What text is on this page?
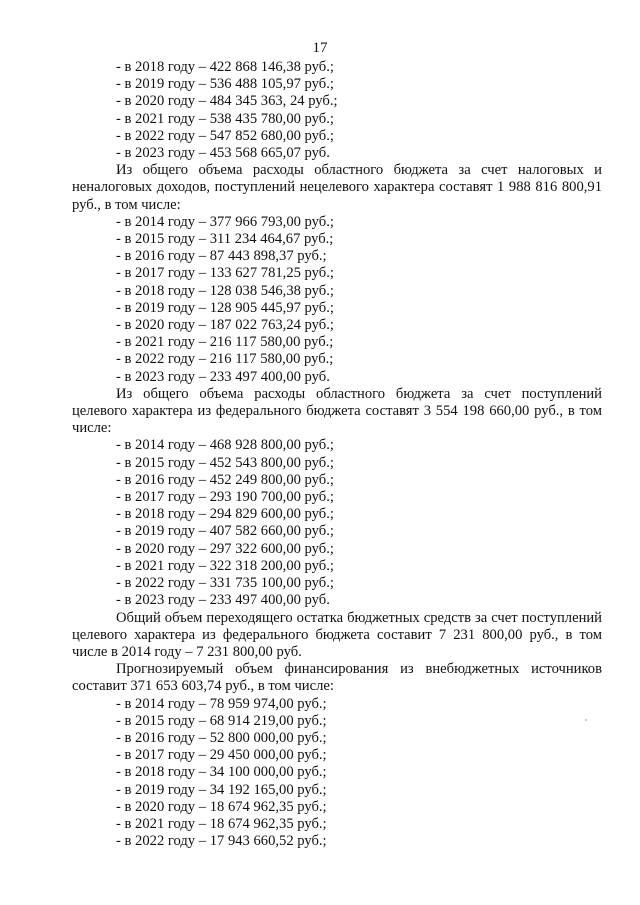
17
- в 2018 году – 422 868 146,38 руб.;
- в 2019 году – 536 488 105,97 руб.;
- в 2020 году – 484 345 363, 24 руб.;
- в 2021 году – 538 435 780,00 руб.;
- в 2022 году – 547 852 680,00 руб.;
- в 2023 году – 453 568 665,07 руб.
Из общего объема расходы областного бюджета за счет налоговых и неналоговых доходов, поступлений нецелевого характера составят 1 988 816 800,91 руб., в том числе:
- в 2014 году – 377 966 793,00 руб.;
- в 2015 году – 311 234 464,67 руб.;
- в 2016 году – 87 443 898,37 руб.;
- в 2017 году – 133 627 781,25 руб.;
- в 2018 году – 128 038 546,38 руб.;
- в 2019 году – 128 905 445,97 руб.;
- в 2020 году – 187 022 763,24 руб.;
- в 2021 году – 216 117 580,00 руб.;
- в 2022 году – 216 117 580,00 руб.;
- в 2023 году – 233 497 400,00 руб.
Из общего объема расходы областного бюджета за счет поступлений целевого характера из федерального бюджета составят 3 554 198 660,00 руб., в том числе:
- в 2014 году – 468 928 800,00 руб.;
- в 2015 году – 452 543 800,00 руб.;
- в 2016 году – 452 249 800,00 руб.;
- в 2017 году – 293 190 700,00 руб.;
- в 2018 году – 294 829 600,00 руб.;
- в 2019 году – 407 582 660,00 руб.;
- в 2020 году – 297 322 600,00 руб.;
- в 2021 году – 322 318 200,00 руб.;
- в 2022 году – 331 735 100,00 руб.;
- в 2023 году – 233 497 400,00 руб.
Общий объем переходящего остатка бюджетных средств за счет поступлений целевого характера из федерального бюджета составит 7 231 800,00 руб., в том числе в 2014 году – 7 231 800,00 руб.
Прогнозируемый объем финансирования из внебюджетных источников составит 371 653 603,74 руб., в том числе:
- в 2014 году – 78 959 974,00 руб.;
- в 2015 году – 68 914 219,00 руб.;
- в 2016 году – 52 800 000,00 руб.;
- в 2017 году – 29 450 000,00 руб.;
- в 2018 году – 34 100 000,00 руб.;
- в 2019 году – 34 192 165,00 руб.;
- в 2020 году – 18 674 962,35 руб.;
- в 2021 году – 18 674 962,35 руб.;
- в 2022 году – 17 943 660,52 руб.;
